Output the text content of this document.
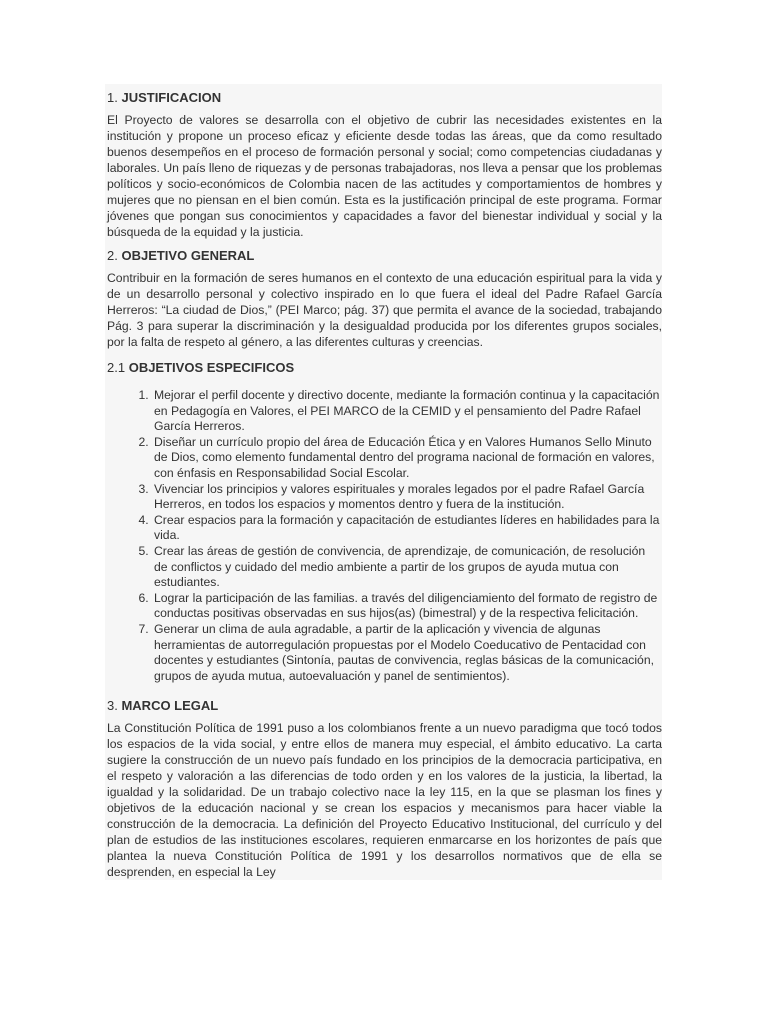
1. JUSTIFICACION
El Proyecto de valores se desarrolla con el objetivo de cubrir las necesidades existentes en la institución y propone un proceso eficaz y eficiente desde todas las áreas, que da como resultado buenos desempeños en el proceso de formación personal y social; como competencias ciudadanas y laborales. Un país lleno de riquezas y de personas trabajadoras, nos lleva a pensar que los problemas políticos y socio-económicos de Colombia nacen de las actitudes y comportamientos de hombres y mujeres que no piensan en el bien común. Esta es la justificación principal de este programa. Formar jóvenes que pongan sus conocimientos y capacidades a favor del bienestar individual y social y la búsqueda de la equidad y la justicia.
2. OBJETIVO GENERAL
Contribuir en la formación de seres humanos en el contexto de una educación espiritual para la vida y de un desarrollo personal y colectivo inspirado en lo que fuera el ideal del Padre Rafael García Herreros: “La ciudad de Dios,” (PEI Marco; pág. 37) que permita el avance de la sociedad, trabajando Pág. 3 para superar la discriminación y la desigualdad producida por los diferentes grupos sociales, por la falta de respeto al género, a las diferentes culturas y creencias.
2.1 OBJETIVOS ESPECIFICOS
1. Mejorar el perfil docente y directivo docente, mediante la formación continua y la capacitación en Pedagogía en Valores, el PEI MARCO de la CEMID y el pensamiento del Padre Rafael García Herreros.
2. Diseñar un currículo propio del área de Educación Ética y en Valores Humanos Sello Minuto de Dios, como elemento fundamental dentro del programa nacional de formación en valores, con énfasis en Responsabilidad Social Escolar.
3. Vivenciar los principios y valores espirituales y morales legados por el padre Rafael García Herreros, en todos los espacios y momentos dentro y fuera de la institución.
4. Crear espacios para la formación y capacitación de estudiantes líderes en habilidades para la vida.
5. Crear las áreas de gestión de convivencia, de aprendizaje, de comunicación, de resolución de conflictos y cuidado del medio ambiente a partir de los grupos de ayuda mutua con estudiantes.
6. Lograr la participación de las familias. a través del diligenciamiento del formato de registro de conductas positivas observadas en sus hijos(as) (bimestral) y de la respectiva felicitación.
7. Generar un clima de aula agradable, a partir de la aplicación y vivencia de algunas herramientas de autorregulación propuestas por el Modelo Coeducativo de Pentacidad con docentes y estudiantes (Sintonía, pautas de convivencia, reglas básicas de la comunicación, grupos de ayuda mutua, autoevaluación y panel de sentimientos).
3. MARCO LEGAL
La Constitución Política de 1991 puso a los colombianos frente a un nuevo paradigma que tocó todos los espacios de la vida social, y entre ellos de manera muy especial, el ámbito educativo. La carta sugiere la construcción de un nuevo país fundado en los principios de la democracia participativa, en el respeto y valoración a las diferencias de todo orden y en los valores de la justicia, la libertad, la igualdad y la solidaridad. De un trabajo colectivo nace la ley 115, en la que se plasman los fines y objetivos de la educación nacional y se crean los espacios y mecanismos para hacer viable la construcción de la democracia. La definición del Proyecto Educativo Institucional, del currículo y del plan de estudios de las instituciones escolares, requieren enmarcarse en los horizontes de país que plantea la nueva Constitución Política de 1991 y los desarrollos normativos que de ella se desprenden, en especial la Ley
